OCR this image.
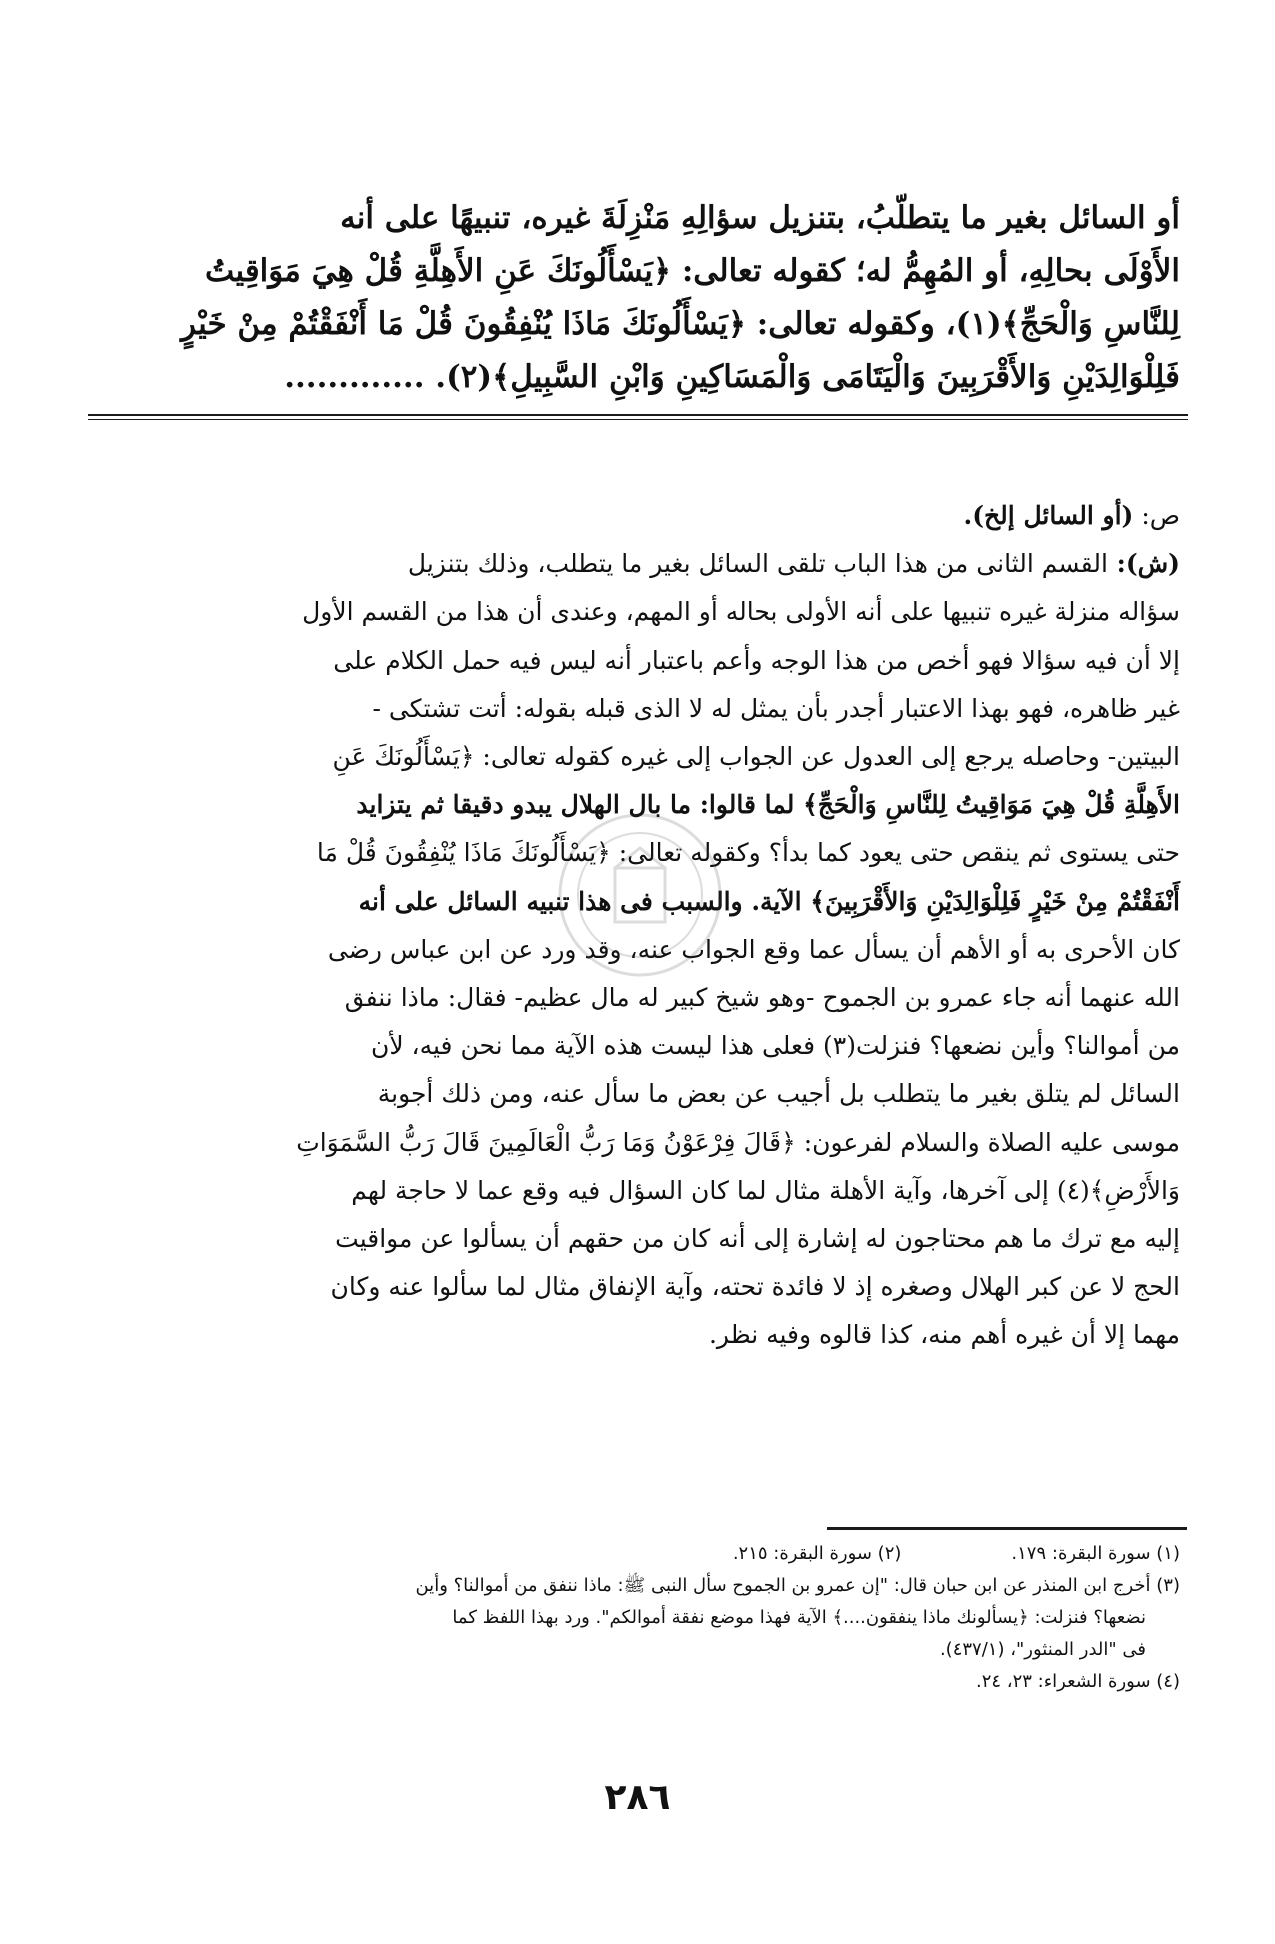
أو السائل بغير ما يتطلّبُ، بتنزيل سؤالِهِ مَنْزِلَةَ غيره، تنبيهًا على أنه

الأَوْلَى بحالِهِ، أو المُهِمُّ له؛ كقوله تعالى: ﴿يَسْأَلُونَكَ عَنِ الأَهِلَّةِ قُلْ هِيَ مَوَاقِيتُ

لِلنَّاسِ وَالْحَجِّ﴾(١)، وكقوله تعالى: ﴿يَسْأَلُونَكَ مَاذَا يُنْفِقُونَ قُلْ مَا أَنْفَقْتُمْ مِنْ خَيْرٍ

فَلِلْوَالِدَيْنِ وَالأَقْرَبِينَ وَالْيَتَامَى وَالْمَسَاكِينِ وَابْنِ السَّبِيلِ﴾(٢). .............

ص: (أو السائل إلخ).

(ش): القسم الثانى من هذا الباب تلقى السائل بغير ما يتطلب، وذلك بتنزيل

سؤاله منزلة غيره تنبيها على أنه الأولى بحاله أو المهم، وعندى أن هذا من القسم الأول

إلا أن فيه سؤالا فهو أخص من هذا الوجه وأعم باعتبار أنه ليس فيه حمل الكلام على

غير ظاهره، فهو بهذا الاعتبار أجدر بأن يمثل له لا الذى قبله بقوله: أتت تشتكى -

البيتين- وحاصله يرجع إلى العدول عن الجواب إلى غيره كقوله تعالى: ﴿يَسْأَلُونَكَ عَنِ

الأَهِلَّةِ قُلْ هِيَ مَوَاقِيتُ لِلنَّاسِ وَالْحَجِّ﴾ لما قالوا: ما بال الهلال يبدو دقيقا ثم يتزايد

حتى يستوى ثم ينقص حتى يعود كما بدأ؟ وكقوله تعالى: ﴿يَسْأَلُونَكَ مَاذَا يُنْفِقُونَ قُلْ مَا

أَنْفَقْتُمْ مِنْ خَيْرٍ فَلِلْوَالِدَيْنِ وَالأَقْرَبِينَ﴾ الآية. والسبب فى هذا تنبيه السائل على أنه

كان الأحرى به أو الأهم أن يسأل عما وقع الجواب عنه، وقد ورد عن ابن عباس رضى

الله عنهما أنه جاء عمرو بن الجموح -وهو شيخ كبير له مال عظيم- فقال: ماذا ننفق

من أموالنا؟ وأين نضعها؟ فنزلت(٣) فعلى هذا ليست هذه الآية مما نحن فيه، لأن

السائل لم يتلق بغير ما يتطلب بل أجيب عن بعض ما سأل عنه، ومن ذلك أجوبة

موسى عليه الصلاة والسلام لفرعون: ﴿قَالَ فِرْعَوْنُ وَمَا رَبُّ الْعَالَمِينَ قَالَ رَبُّ السَّمَوَاتِ

وَالأَرْضِ﴾(٤) إلى آخرها، وآية الأهلة مثال لما كان السؤال فيه وقع عما لا حاجة لهم

إليه مع ترك ما هم محتاجون له إشارة إلى أنه كان من حقهم أن يسألوا عن مواقيت

الحج لا عن كبر الهلال وصغره إذ لا فائدة تحته، وآية الإنفاق مثال لما سألوا عنه وكان

مهما إلا أن غيره أهم منه، كذا قالوه وفيه نظر.

(١) سورة البقرة: ١٧٩.
(٢) سورة البقرة: ٢١٥.
(٣) أخرج ابن المنذر عن ابن حبان قال: "إن عمرو بن الجموح سأل النبى ﷺ: ماذا ننفق من أموالنا؟ وأين
نضعها؟ فنزلت: ﴿يسألونك ماذا ينفقون....﴾ الآية فهذا موضع نفقة أموالكم". ورد بهذا اللفظ كما
فى "الدر المنثور"، (٤٣٧/١).
(٤) سورة الشعراء: ٢٣، ٢٤.
٢٨٦
